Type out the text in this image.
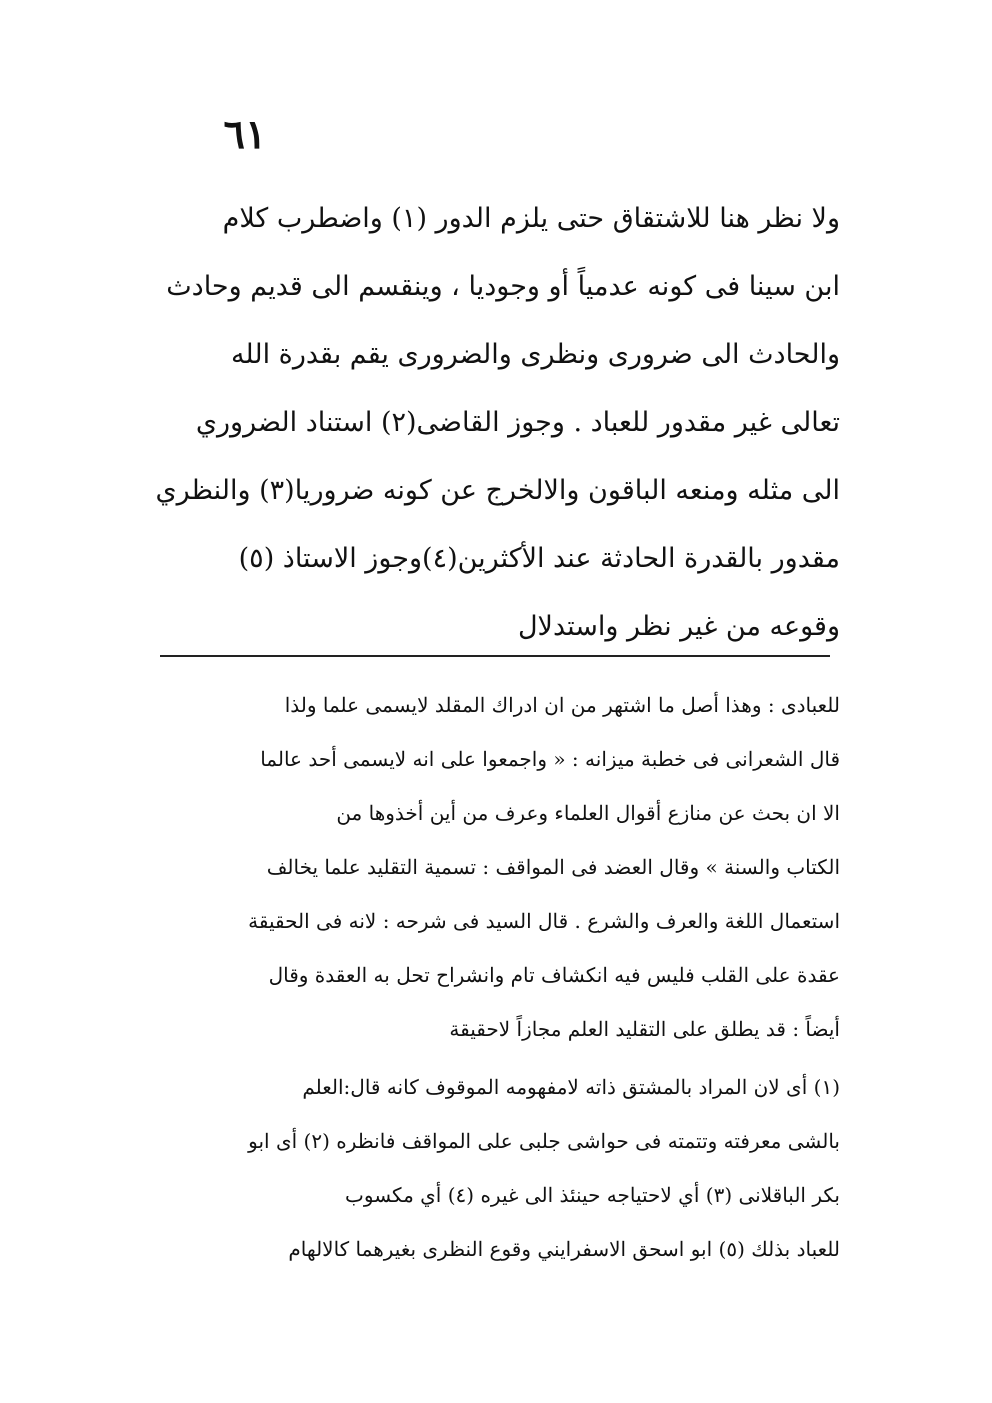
٦١
ولا نظر هنا للاشتقاق حتى يلزم الدور (١) واضطرب كلام
ابن سينا فى كونه عدمياً أو وجوديا ، وينقسم الى قديم وحادث
والحادث الى ضرورى ونظرى والضرورى يقم بقدرة الله
تعالى غير مقدور للعباد . وجوز القاضى(٢) استناد الضروري
الى مثله ومنعه الباقون والالخرج عن كونه ضروريا(٣) والنظري
مقدور بالقدرة الحادثة عند الأكثرين(٤)وجوز الاستاذ (٥)
وقوعه من غير نظر واستدلال
للعبادى : وهذا أصل ما اشتهر من ان ادراك المقلد لايسمى علما ولذا
قال الشعرانى فى خطبة ميزانه : « واجمعوا على انه لايسمى أحد عالما
الا ان بحث عن منازع أقوال العلماء وعرف من أين أخذوها من
الكتاب والسنة » وقال العضد فى المواقف : تسمية التقليد علما يخالف
استعمال اللغة والعرف والشرع . قال السيد فى شرحه : لانه فى الحقيقة
عقدة على القلب فليس فيه انكشاف تام وانشراح تحل به العقدة وقال
أيضاً : قد يطلق على التقليد العلم مجازاً لاحقيقة
(١) أى لان المراد بالمشتق ذاته لامفهومه الموقوف كانه قال:العلم
بالشى معرفته وتتمته فى حواشى جلبى على المواقف فانظره (٢) أى ابو
بكر الباقلانى (٣) أي لاحتياجه حينئذ الى غيره (٤) أي مكسوب
للعباد بذلك (٥) ابو اسحق الاسفرايني وقوع النظرى بغيرهما كالالهام
